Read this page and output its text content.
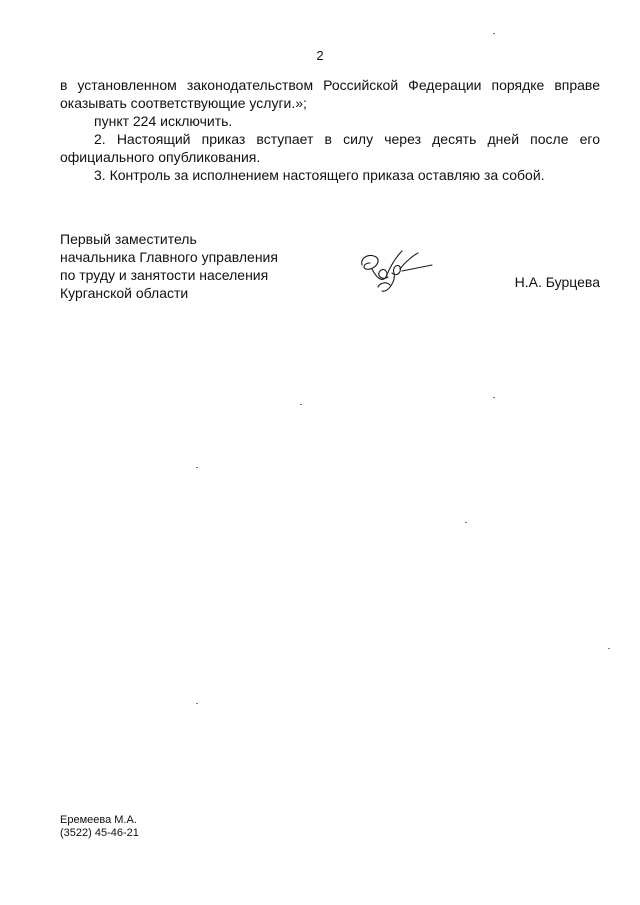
2

в установленном законодательством Российской Федерации порядке вправе

оказывать соответствующие услуги.»;

пункт 224 исключить.

2. Настоящий приказ вступает в силу через десять дней после его

официального опубликования.

3. Контроль за исполнением настоящего приказа оставляю за собой.

Первый заместитель
начальника Главного управления
по труду и занятости населения
Курганской области
Н.А. Бурцева
Еремеева М.А.
(3522) 45-46-21
